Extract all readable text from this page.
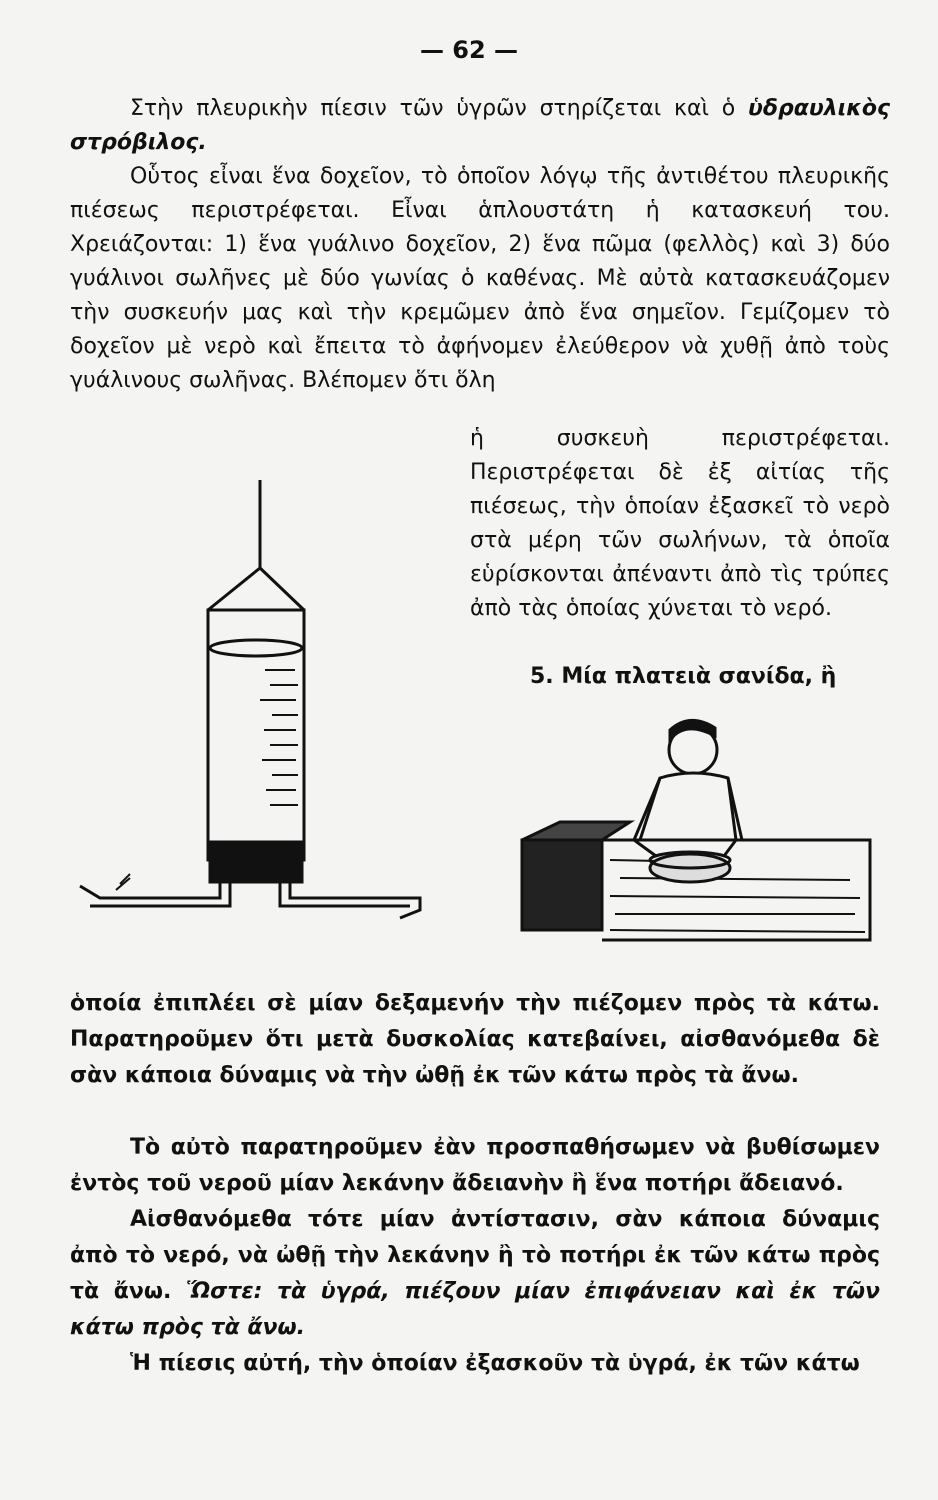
— 62 —

Στὴν πλευρικὴν πίεσιν τῶν ὑγρῶν στηρίζεται καὶ ὁ ὑδραυλικὸς στρόβιλος.

Οὗτος εἶναι ἕνα δοχεῖον, τὸ ὁποῖον λόγῳ τῆς ἀντιθέτου πλευρικῆς πιέσεως περιστρέφεται. Εἶναι ἁπλουστάτη ἡ κατασκευή του. Χρειάζονται: 1) ἕνα γυάλινο δοχεῖον, 2) ἕνα πῶμα (φελλὸς) καὶ 3) δύο γυάλινοι σωλῆνες μὲ δύο γωνίας ὁ καθένας. Μὲ αὐτὰ κατασκευάζομεν τὴν συσκευήν μας καὶ τὴν κρεμῶμεν ἀπὸ ἕνα σημεῖον. Γεμίζομεν τὸ δοχεῖον μὲ νερὸ καὶ ἔπειτα τὸ ἀφήνομεν ἐλεύθερον νὰ χυθῇ ἀπὸ τοὺς γυάλινους σωλῆνας. Βλέπομεν ὅτι ὅλη

ἡ συσκευὴ περιστρέφεται. Περιστρέφεται δὲ ἐξ αἰτίας τῆς πιέσεως, τὴν ὁποίαν ἐξασκεῖ τὸ νερὸ στὰ μέρη τῶν σωλήνων, τὰ ὁποῖα εὑρίσκονται ἀπέναντι ἀπὸ τὶς τρύπες ἀπὸ τὰς ὁποίας χύνεται τὸ νερό.

5. Μία πλατειὰ σανίδα, ἢ

ὁποία ἐπιπλέει σὲ μίαν δεξαμενήν τὴν πιέζομεν πρὸς τὰ κάτω. Παρατηροῦμεν ὅτι μετὰ δυσκολίας κατεβαίνει, αἰσθανόμεθα δὲ σὰν κάποια δύναμις νὰ τὴν ὠθῇ ἐκ τῶν κάτω πρὸς τὰ ἄνω.

Τὸ αὐτὸ παρατηροῦμεν ἐὰν προσπαθήσωμεν νὰ βυθίσωμεν ἐντὸς τοῦ νεροῦ μίαν λεκάνην ἄδειανὴν ἢ ἕνα ποτήρι ἄδειανό.

Αἰσθανόμεθα τότε μίαν ἀντίστασιν, σὰν κάποια δύναμις ἀπὸ τὸ νερό, νὰ ὠθῇ τὴν λεκάνην ἢ τὸ ποτήρι ἐκ τῶν κάτω πρὸς τὰ ἄνω. Ὥστε: τὰ ὑγρά, πιέζουν μίαν ἐπιφάνειαν καὶ ἐκ τῶν κάτω πρὸς τὰ ἄνω.

Ἡ πίεσις αὐτή, τὴν ὁποίαν ἐξασκοῦν τὰ ὑγρά, ἐκ τῶν κάτω
